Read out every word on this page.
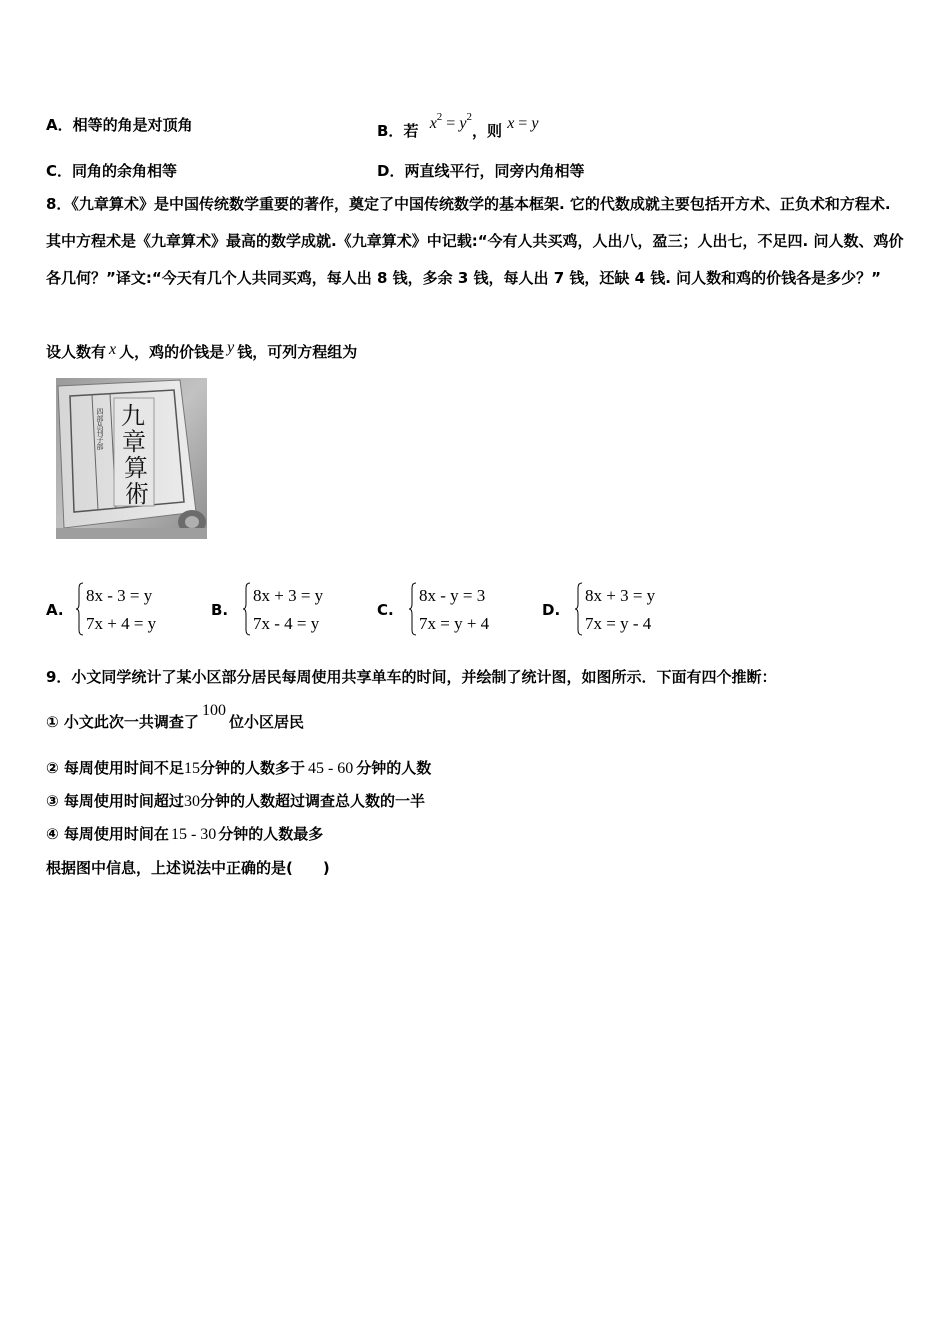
A．相等的角是对顶角	B．若 $x^2 = y^2$，则 x = y
C．同角的余角相等	D．两直线平行，同旁内角相等
8．《九章算术》是中国传统数学重要的著作，奠定了中国传统数学的基本框架. 它的代数成就主要包括开方术、正负术和方程术. 其中方程术是《九章算术》最高的数学成就.《九章算术》中记载:“今有人共买鸡，人出八，盈三；人出七，不足四. 问人数、鸡价各几何？”译文:“今天有几个人共同买鸡，每人出 8 钱，多余 3 钱，每人出 7 钱，还缺 4 钱. 问人数和鸡的价钱各是多少？”
设人数有 x 人，鸡的价钱是 y 钱，可列方程组为
九
章
算
術
四部丛刊子部
A.
8x - 3 = y
7x + 4 = y
B.
8x + 3 = y
7x - 4 = y
C.
8x - y = 3
7x = y + 4
D.
8x + 3 = y
7x = y - 4
9．小文同学统计了某小区部分居民每周使用共享单车的时间，并绘制了统计图，如图所示．下面有四个推断：
① 小文此次一共调查了100位小区居民
② 每周使用时间不足15分钟的人数多于 45 - 60 分钟的人数
③ 每周使用时间超过30分钟的人数超过调查总人数的一半
④ 每周使用时间在 15 - 30 分钟的人数最多
根据图中信息，上述说法中正确的是(　　)
